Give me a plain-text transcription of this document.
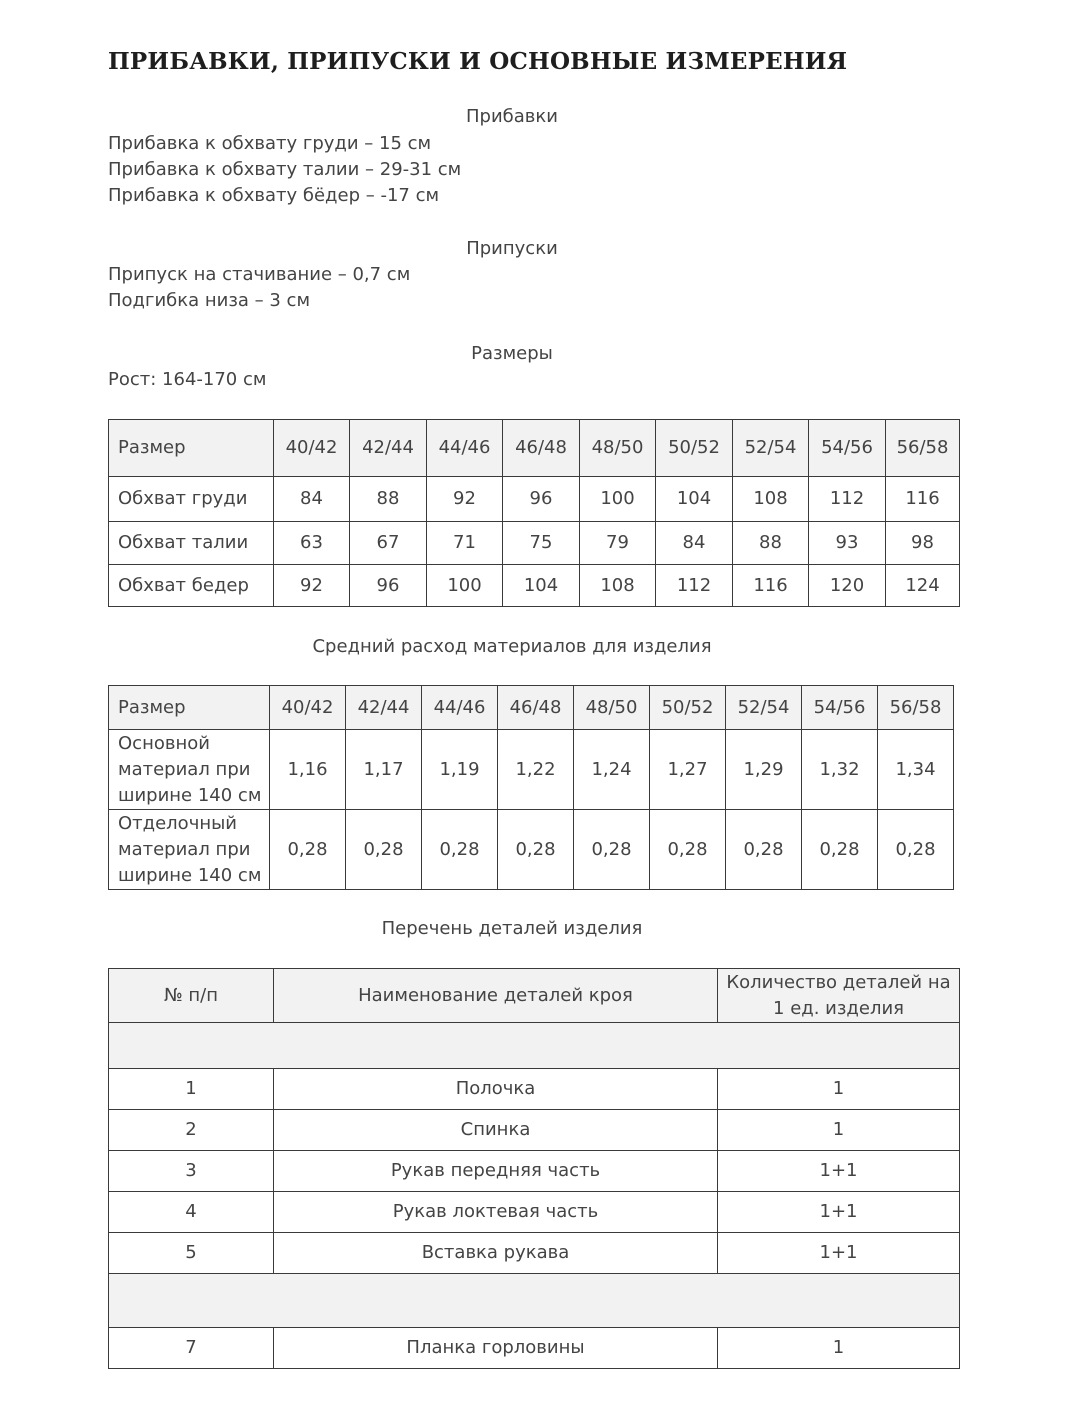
ПРИБАВКИ, ПРИПУСКИ И ОСНОВНЫЕ ИЗМЕРЕНИЯ
Прибавки
Прибавка к обхвату груди – 15 см
Прибавка к обхвату талии – 29-31 см
Прибавка к обхвату бёдер – -17 см
Припуски
Припуск на стачивание – 0,7 см
Подгибка низа – 3 см
Размеры
Рост: 164-170 см
Размер	40/42	42/44	44/46	46/48	48/50	50/52	52/54	54/56	56/58
Обхват груди	84	88	92	96	100	104	108	112	116
Обхват талии	63	67	71	75	79	84	88	93	98
Обхват бедер	92	96	100	104	108	112	116	120	124
Средний расход материалов для изделия
Размер	40/42	42/44	44/46	46/48	48/50	50/52	52/54	54/56	56/58

Основной
материал при
ширине 140 см	1,16	1,17	1,19	1,22	1,24	1,27	1,29	1,32	1,34

Отделочный
материал при
ширине 140 см	0,28	0,28	0,28	0,28	0,28	0,28	0,28	0,28	0,28
Перечень деталей изделия
№ п/п	Наименование деталей кроя	Количество деталей на
1 ед. изделия

1	Полочка	1
2	Спинка	1
3	Рукав передняя часть	1+1
4	Рукав локтевая часть	1+1
5	Вставка рукава	1+1

7	Планка горловины	1
